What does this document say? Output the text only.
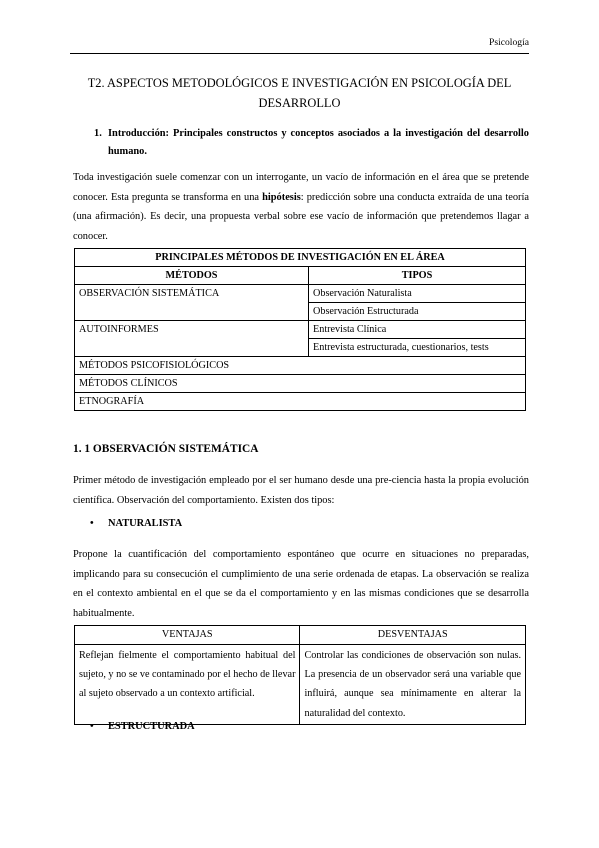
Psicología
T2. ASPECTOS METODOLÓGICOS E INVESTIGACIÓN EN PSICOLOGÍA DEL DESARROLLO
1. Introducción: Principales constructos y conceptos asociados a la investigación del desarrollo humano.
Toda investigación suele comenzar con un interrogante, un vacío de información en el área que se pretende conocer. Esta pregunta se transforma en una hipótesis: predicción sobre una conducta extraída de una teoría (una afirmación). Es decir, una propuesta verbal sobre ese vacío de información que pretendemos llagar a conocer.
PRINCIPALES MÉTODOS DE INVESTIGACIÓN EN EL ÁREA	
MÉTODOS	TIPOS
OBSERVACIÓN SISTEMÁTICA	Observación Naturalista
	Observación Estructurada
AUTOINFORMES	Entrevista Clínica
	Entrevista estructurada, cuestionarios, tests
MÉTODOS PSICOFISIOLÓGICOS	
MÉTODOS CLÍNICOS	
ETNOGRAFÍA	
1. 1 OBSERVACIÓN SISTEMÁTICA
Primer método de investigación empleado por el ser humano desde una pre-ciencia hasta la propia evolución científica. Observación del comportamiento. Existen dos tipos:
• NATURALISTA
Propone la cuantificación del comportamiento espontáneo que ocurre en situaciones no preparadas, implicando para su consecución el cumplimiento de una serie ordenada de etapas. La observación se realiza en el contexto ambiental en el que se da el comportamiento y en las mismas condiciones que se desarrolla habitualmente.
VENTAJAS	DESVENTAJAS
Reflejan fielmente el comportamiento habitual del sujeto, y no se ve contaminado por el hecho de llevar al sujeto observado a un contexto artificial.	Controlar las condiciones de observación son nulas. La presencia de un observador será una variable que influirá, aunque sea mínimamente en alterar la naturalidad del contexto.
• ESTRUCTURADA
